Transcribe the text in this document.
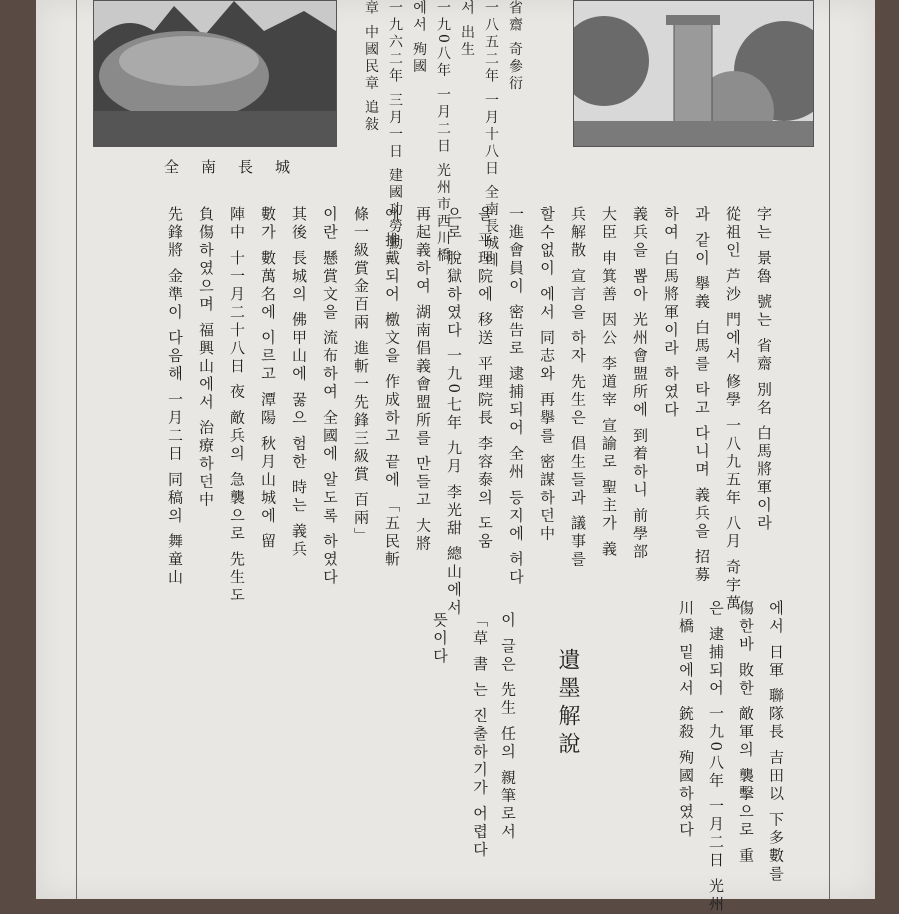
全南長城
省齋 奇參衍
一八五二年 一月十八日 全南長城에
서 出生
一九0八年 一月二日 光州市西川橋
에서 殉國
一九六二年 三月一日 建國功勞勳
章 中國民章 追敍
字는 景魯 號는 省齋 別名 白馬將軍이라
從祖인 芦沙 門에서 修學 一八九五年 八月 奇宇萬
과 같이 擧義 白馬를 타고 다니며 義兵을 招募
하여 白馬將軍이라 하였다
義兵을 뽑아 光州會盟所에 到着하니 前學部
大臣 申箕善 因公 李道宰 宣諭로 聖主가 義
兵解散 宣言을 하자 先生은 倡生들과 議事를
할수없이 에서 同志와 再擧를 密謀하던中
一進會員이 密告로 逮捕되어 全州 등지에 허다
을 平理院에 移送 平理院長 李容泰의 도움
으로 脫獄하였다 一九0七年 九月 李光甜 總山에서
再起義하여 湖南倡義會盟所를 만들고 大將
에 推戴되어 檄文을 作成하고 끝에 「五民斬
條一級賞金百兩 進斬一先鋒三級賞 百兩」
이란 懸賞文을 流布하여 全國에 알도록 하였다
其後 長城의 佛甲山에 꿇으 험한 時는 義兵
數가 數萬名에 이르고 潭陽 秋月山城에 留
陣中 十一月二十八日 夜 敵兵의 急襲으로 先生도
負傷하였으며 福興山에서 治療하던中
先鋒將 金準이 다음해 一月二日 同稿의 舞童山
에서 日軍 聯隊長 吉田以 下多數를
傷한바 敗한 敵軍의 襲擊으로 重
은 逮捕되어 一九0八年 一月二日 光州
川橋 밑에서 銃殺 殉國하였다
遺墨解說
이 글은 先生 任의 親筆로서
「草 書 는 진출하기가 어렵다
뜻이다
